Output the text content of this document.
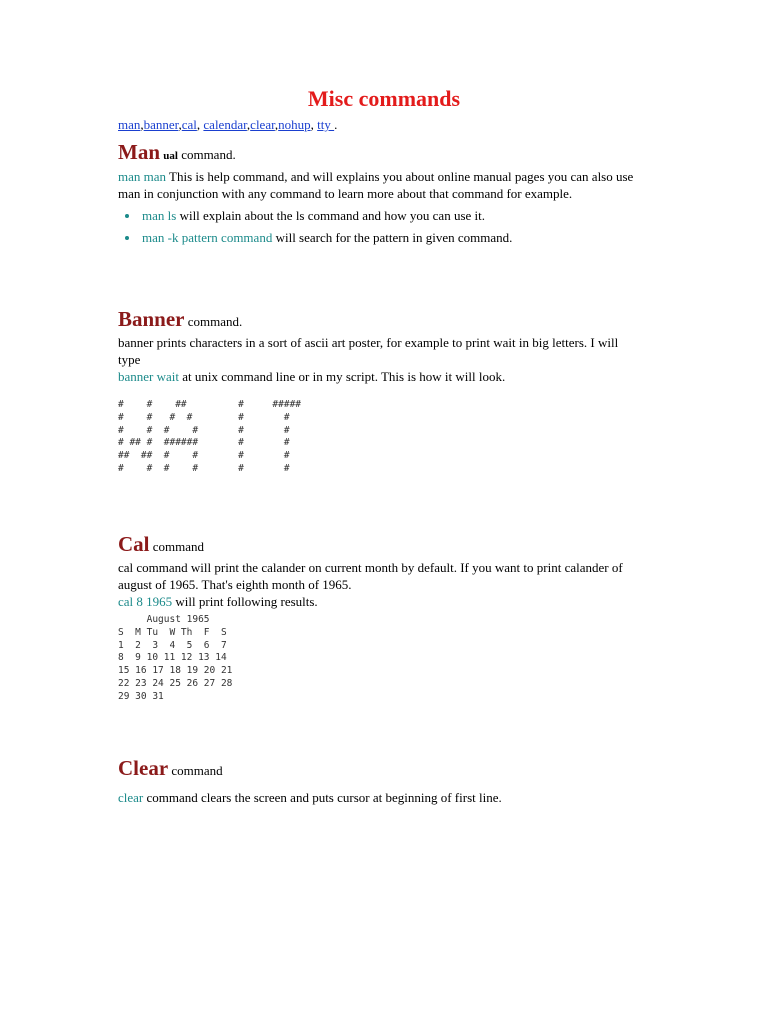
Misc commands
man,banner,cal, calendar,clear,nohup, tty .
Man ual command.

man man This is help command, and will explains you about online manual pages you can also use man in conjunction with any command to learn more about that command for example.

man ls will explain about the ls command and how you can use it.
man -k pattern command will search for the pattern in given command.
Banner command.

banner prints characters in a sort of ascii art poster, for example to print wait in big letters. I will type

banner wait at unix command line or in my script. This is how it will look.

#    #    ##         #     #####
#    #   #  #        #       #
#    #  #    #       #       #
# ## #  ######       #       #
##  ##  #    #       #       #
#    #  #    #       #       #
Cal command

cal command will print the calander on current month by default. If you want to print calander of august of 1965. That's eighth month of 1965.

cal 8 1965 will print following results.

August 1965
S  M Tu  W Th  F  S
1  2  3  4  5  6  7
8  9 10 11 12 13 14
15 16 17 18 19 20 21
22 23 24 25 26 27 28
29 30 31
Clear command

clear command clears the screen and puts cursor at beginning of first line.
